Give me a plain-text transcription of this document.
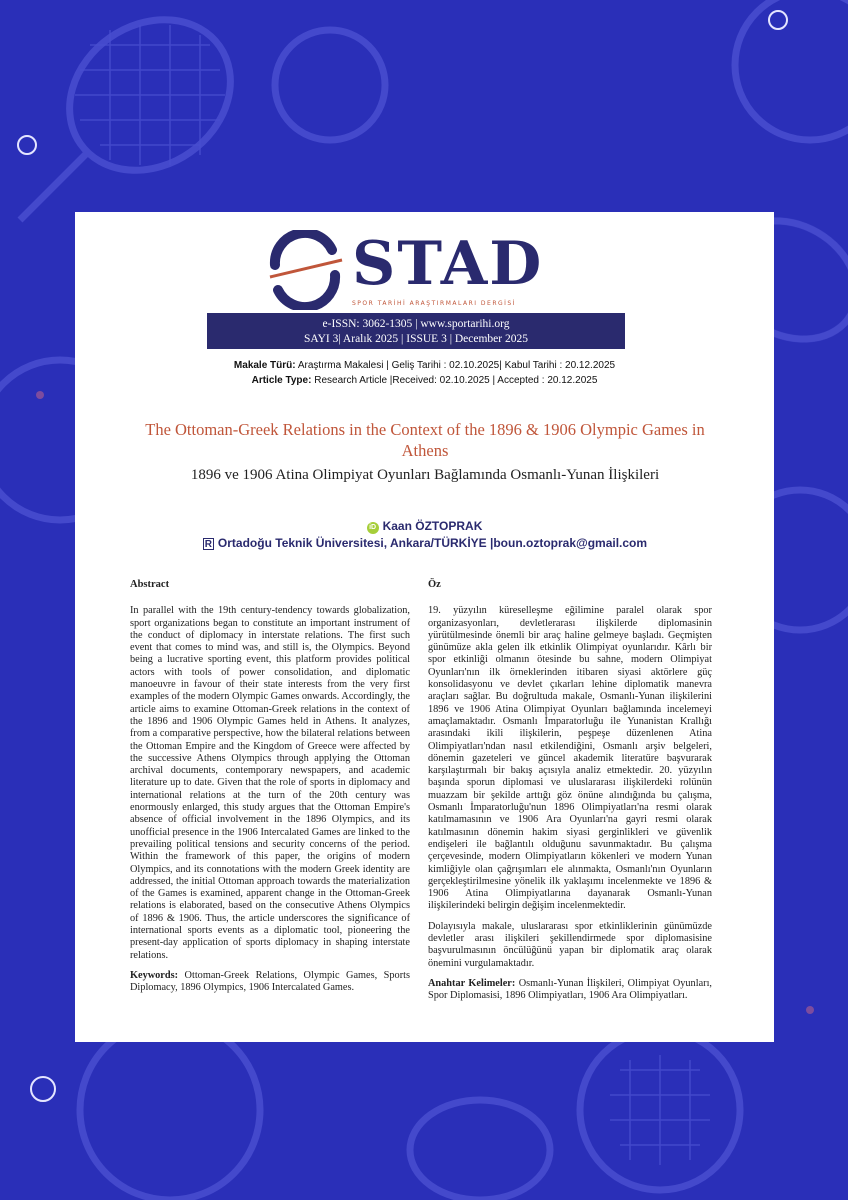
STAD
SPOR TARİHİ ARAŞTIRMALARI DERGİSİ
e-ISSN: 3062-1305 | www.sportarihi.org
SAYI 3| Aralık 2025 | ISSUE 3 | December 2025
Makale Türü: Araştırma Makalesi | Geliş Tarihi : 02.10.2025| Kabul Tarihi : 20.12.2025
Article Type: Research Article |Received: 02.10.2025 | Accepted : 20.12.2025
The Ottoman-Greek Relations in the Context of the 1896 & 1906 Olympic Games in Athens
1896 ve 1906 Atina Olimpiyat Oyunları Bağlamında Osmanlı-Yunan İlişkileri
iD Kaan ÖZTOPRAK
R Ortadoğu Teknik Üniversitesi, Ankara/TÜRKİYE |boun.oztoprak@gmail.com
Abstract

In parallel with the 19th century-tendency towards globalization, sport organizations began to constitute an important instrument of the conduct of diplomacy in interstate relations. The first such event that comes to mind was, and still is, the Olympics. Beyond being a lucrative sporting event, this platform provides political actors with tools of power consolidation, and diplomatic manoeuvre in favour of their state interests from the very first examples of the modern Olympic Games onwards. Accordingly, the article aims to examine Ottoman-Greek relations in the context of the 1896 and 1906 Olympic Games held in Athens. It analyzes, from a comparative perspective, how the bilateral relations between the Ottoman Empire and the Kingdom of Greece were affected by the successive Athens Olympics through applying the Ottoman archival documents, contemporary newspapers, and academic literature up to date. Given that the role of sports in diplomacy and international relations at the turn of the 20th century was enormously enlarged, this study argues that the Ottoman Empire's absence of official involvement in the 1896 Olympics, and its unofficial presence in the 1906 Intercalated Games are linked to the prevailing political tensions and security concerns of the period. Within the framework of this paper, the origins of modern Olympics, and its connotations with the modern Greek identity are addressed, the initial Ottoman approach towards the materialization of the Games is examined, apparent change in the Ottoman-Greek relations is elaborated, based on the consecutive Athens Olympics of 1896 & 1906. Thus, the article underscores the significance of international sports events as a diplomatic tool, pioneering the present-day application of sports diplomacy in shaping interstate relations.

Keywords: Ottoman-Greek Relations, Olympic Games, Sports Diplomacy, 1896 Olympics, 1906 Intercalated Games.

Öz

19. yüzyılın küreselleşme eğilimine paralel olarak spor organizasyonları, devletlerarası ilişkilerde diplomasinin yürütülmesinde önemli bir araç haline gelmeye başladı. Geçmişten günümüze akla gelen ilk etkinlik Olimpiyat oyunlarıdır. Kârlı bir spor etkinliği olmanın ötesinde bu sahne, modern Olimpiyat Oyunları'nın ilk örneklerinden itibaren siyasi aktörlere güç konsolidasyonu ve devlet çıkarları lehine diplomatik manevra araçları sağlar. Bu doğrultuda makale, Osmanlı-Yunan ilişkilerini 1896 ve 1906 Atina Olimpiyat Oyunları bağlamında incelemeyi amaçlamaktadır. Osmanlı İmparatorluğu ile Yunanistan Krallığı arasındaki ikili ilişkilerin, peşpeşe düzenlenen Atina Olimpiyatları'ndan nasıl etkilendiğini, Osmanlı arşiv belgeleri, dönemin gazeteleri ve güncel akademik literatüre başvurarak karşılaştırmalı bir bakış açısıyla analiz etmektedir. 20. yüzyılın başında sporun diplomasi ve uluslararası ilişkilerdeki rolünün muazzam bir şekilde arttığı göz önüne alındığında bu çalışma, Osmanlı İmparatorluğu'nun 1896 Olimpiyatları'na resmi olarak katılmamasının ve 1906 Ara Oyunları'na gayri resmi olarak katılmasının dönemin hakim siyasi gerginlikleri ve güvenlik endişeleri ile bağlantılı olduğunu savunmaktadır. Bu çalışma çerçevesinde, modern Olimpiyatların kökenleri ve modern Yunan kimliğiyle olan çağrışımları ele alınmakta, Osmanlı'nın Oyunların gerçekleştirilmesine yönelik ilk yaklaşımı incelenmekte ve 1896 & 1906 Atina Olimpiyatlarına dayanarak Osmanlı-Yunan ilişkilerindeki belirgin değişim incelenmektedir.

Dolayısıyla makale, uluslararası spor etkinliklerinin günümüzde devletler arası ilişkileri şekillendirmede spor diplomasisine başvurulmasının öncülüğünü yapan bir diplomatik araç olarak önemini vurgulamaktadır.

Anahtar Kelimeler: Osmanlı-Yunan İlişkileri, Olimpiyat Oyunları, Spor Diplomasisi, 1896 Olimpiyatları, 1906 Ara Olimpiyatları.
